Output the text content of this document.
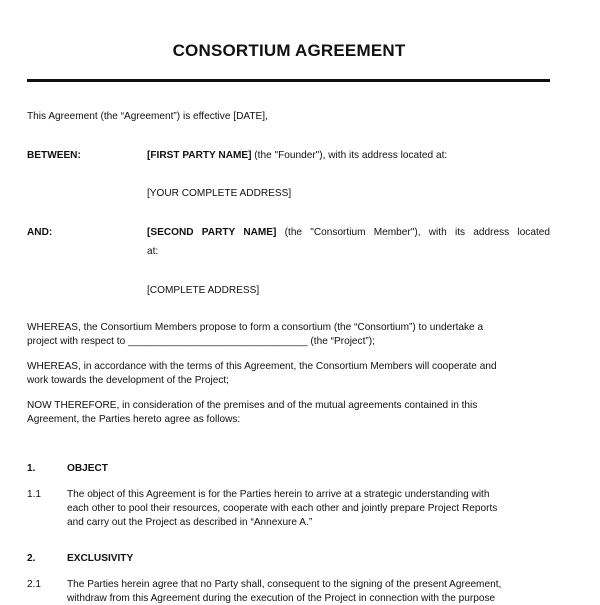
CONSORTIUM AGREEMENT
This Agreement (the “Agreement”) is effective [DATE],
BETWEEN:	[FIRST PARTY NAME] (the "Founder"), with its address located at:
[YOUR COMPLETE ADDRESS]
AND:	[SECOND PARTY NAME] (the "Consortium Member"), with its address located
at:
[COMPLETE ADDRESS]
WHEREAS, the Consortium Members propose to form a consortium (the “Consortium”) to undertake a
project with respect to ________________________________ (the “Project”);
WHEREAS, in accordance with the terms of this Agreement, the Consortium Members will cooperate and
work towards the development of the Project;
NOW THEREFORE, in consideration of the premises and of the mutual agreements contained in this
Agreement, the Parties hereto agree as follows:
1.	OBJECT
1.1	The object of this Agreement is for the Parties herein to arrive at a strategic understanding with
each other to pool their resources, cooperate with each other and jointly prepare Project Reports
and carry out the Project as described in “Annexure A.”
2.	EXCLUSIVITY
2.1	The Parties herein agree that no Party shall, consequent to the signing of the present Agreement,
withdraw from this Agreement during the execution of the Project in connection with the purpose
